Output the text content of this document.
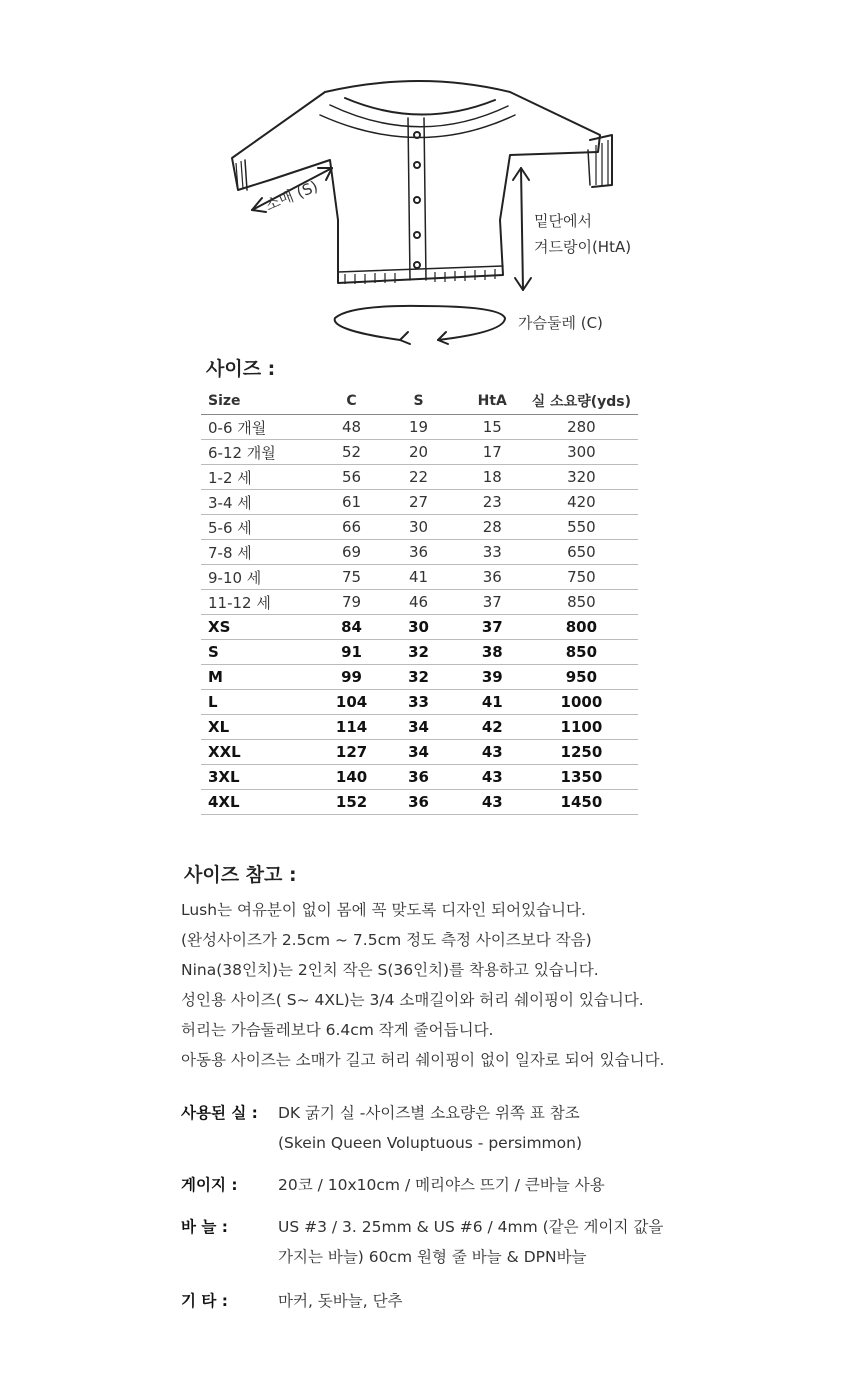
소매 (S)
밑단에서
겨드랑이(HtA)
가슴둘레 (C)
사이즈 :
Size	C	S	HtA	실 소요량(yds)
0-6 개월	48	19	15	280
6-12 개월	52	20	17	300
1-2 세	56	22	18	320
3-4 세	61	27	23	420
5-6 세	66	30	28	550
7-8 세	69	36	33	650
9-10 세	75	41	36	750
11-12 세	79	46	37	850
XS	84	30	37	800
S	91	32	38	850
M	99	32	39	950
L	104	33	41	1000
XL	114	34	42	1100
XXL	127	34	43	1250
3XL	140	36	43	1350
4XL	152	36	43	1450
사이즈 참고 :
Lush는 여유분이 없이 몸에 꼭 맞도록 디자인 되어있습니다.
(완성사이즈가 2.5cm ~ 7.5cm 정도 측정 사이즈보다 작음)
Nina(38인치)는 2인치 작은 S(36인치)를 착용하고 있습니다.
성인용 사이즈( S~ 4XL)는 3/4 소매길이와 허리 쉐이핑이 있습니다.
허리는 가슴둘레보다 6.4cm 작게 줄어듭니다.
아동용 사이즈는 소매가 길고 허리 쉐이핑이 없이 일자로 되어 있습니다.
사용된 실 : DK 굵기 실 -사이즈별 소요량은 위쪽 표 참조
(Skein Queen Voluptuous - persimmon)
게이지 :	20코 / 10x10cm / 메리야스 뜨기 / 큰바늘 사용
바 늘 :	US #3 / 3. 25mm & US #6 / 4mm (같은 게이지 값을
가지는 바늘) 60cm 원형 줄 바늘 & DPN바늘
기 타 :	마커, 돗바늘, 단추
